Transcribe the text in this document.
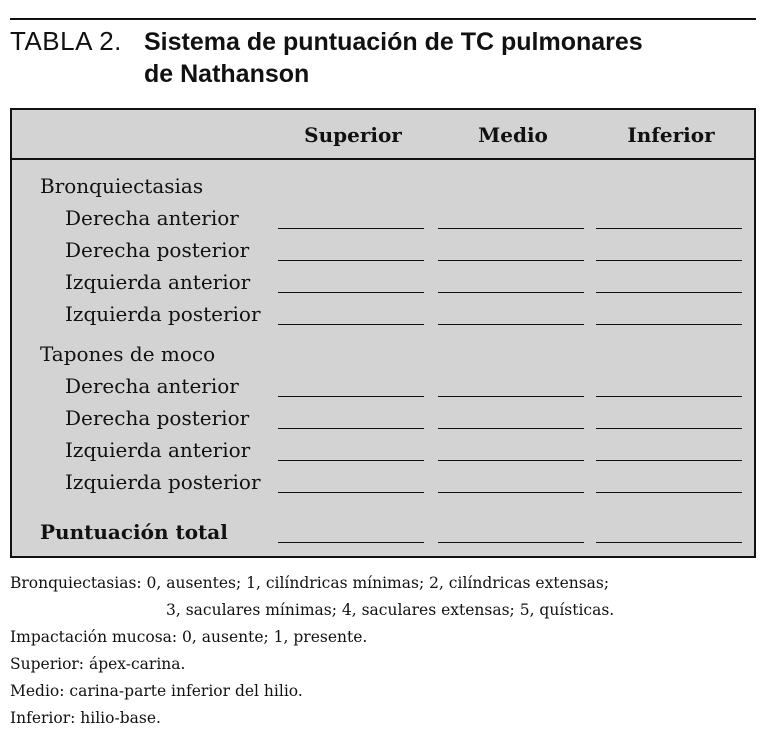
TABLA 2. Sistema de puntuación de TC pulmonares
de Nathanson
Superior	Medio	Inferior
Bronquiectasias
Derecha anterior
Derecha posterior
Izquierda anterior
Izquierda posterior
Tapones de moco
Derecha anterior
Derecha posterior
Izquierda anterior
Izquierda posterior
Puntuación total
Bronquiectasias: 0, ausentes; 1, cilíndricas mínimas; 2, cilíndricas extensas;
3, saculares mínimas; 4, saculares extensas; 5, quísticas.
Impactación mucosa: 0, ausente; 1, presente.
Superior: ápex-carina.
Medio: carina-parte inferior del hilio.
Inferior: hilio-base.
